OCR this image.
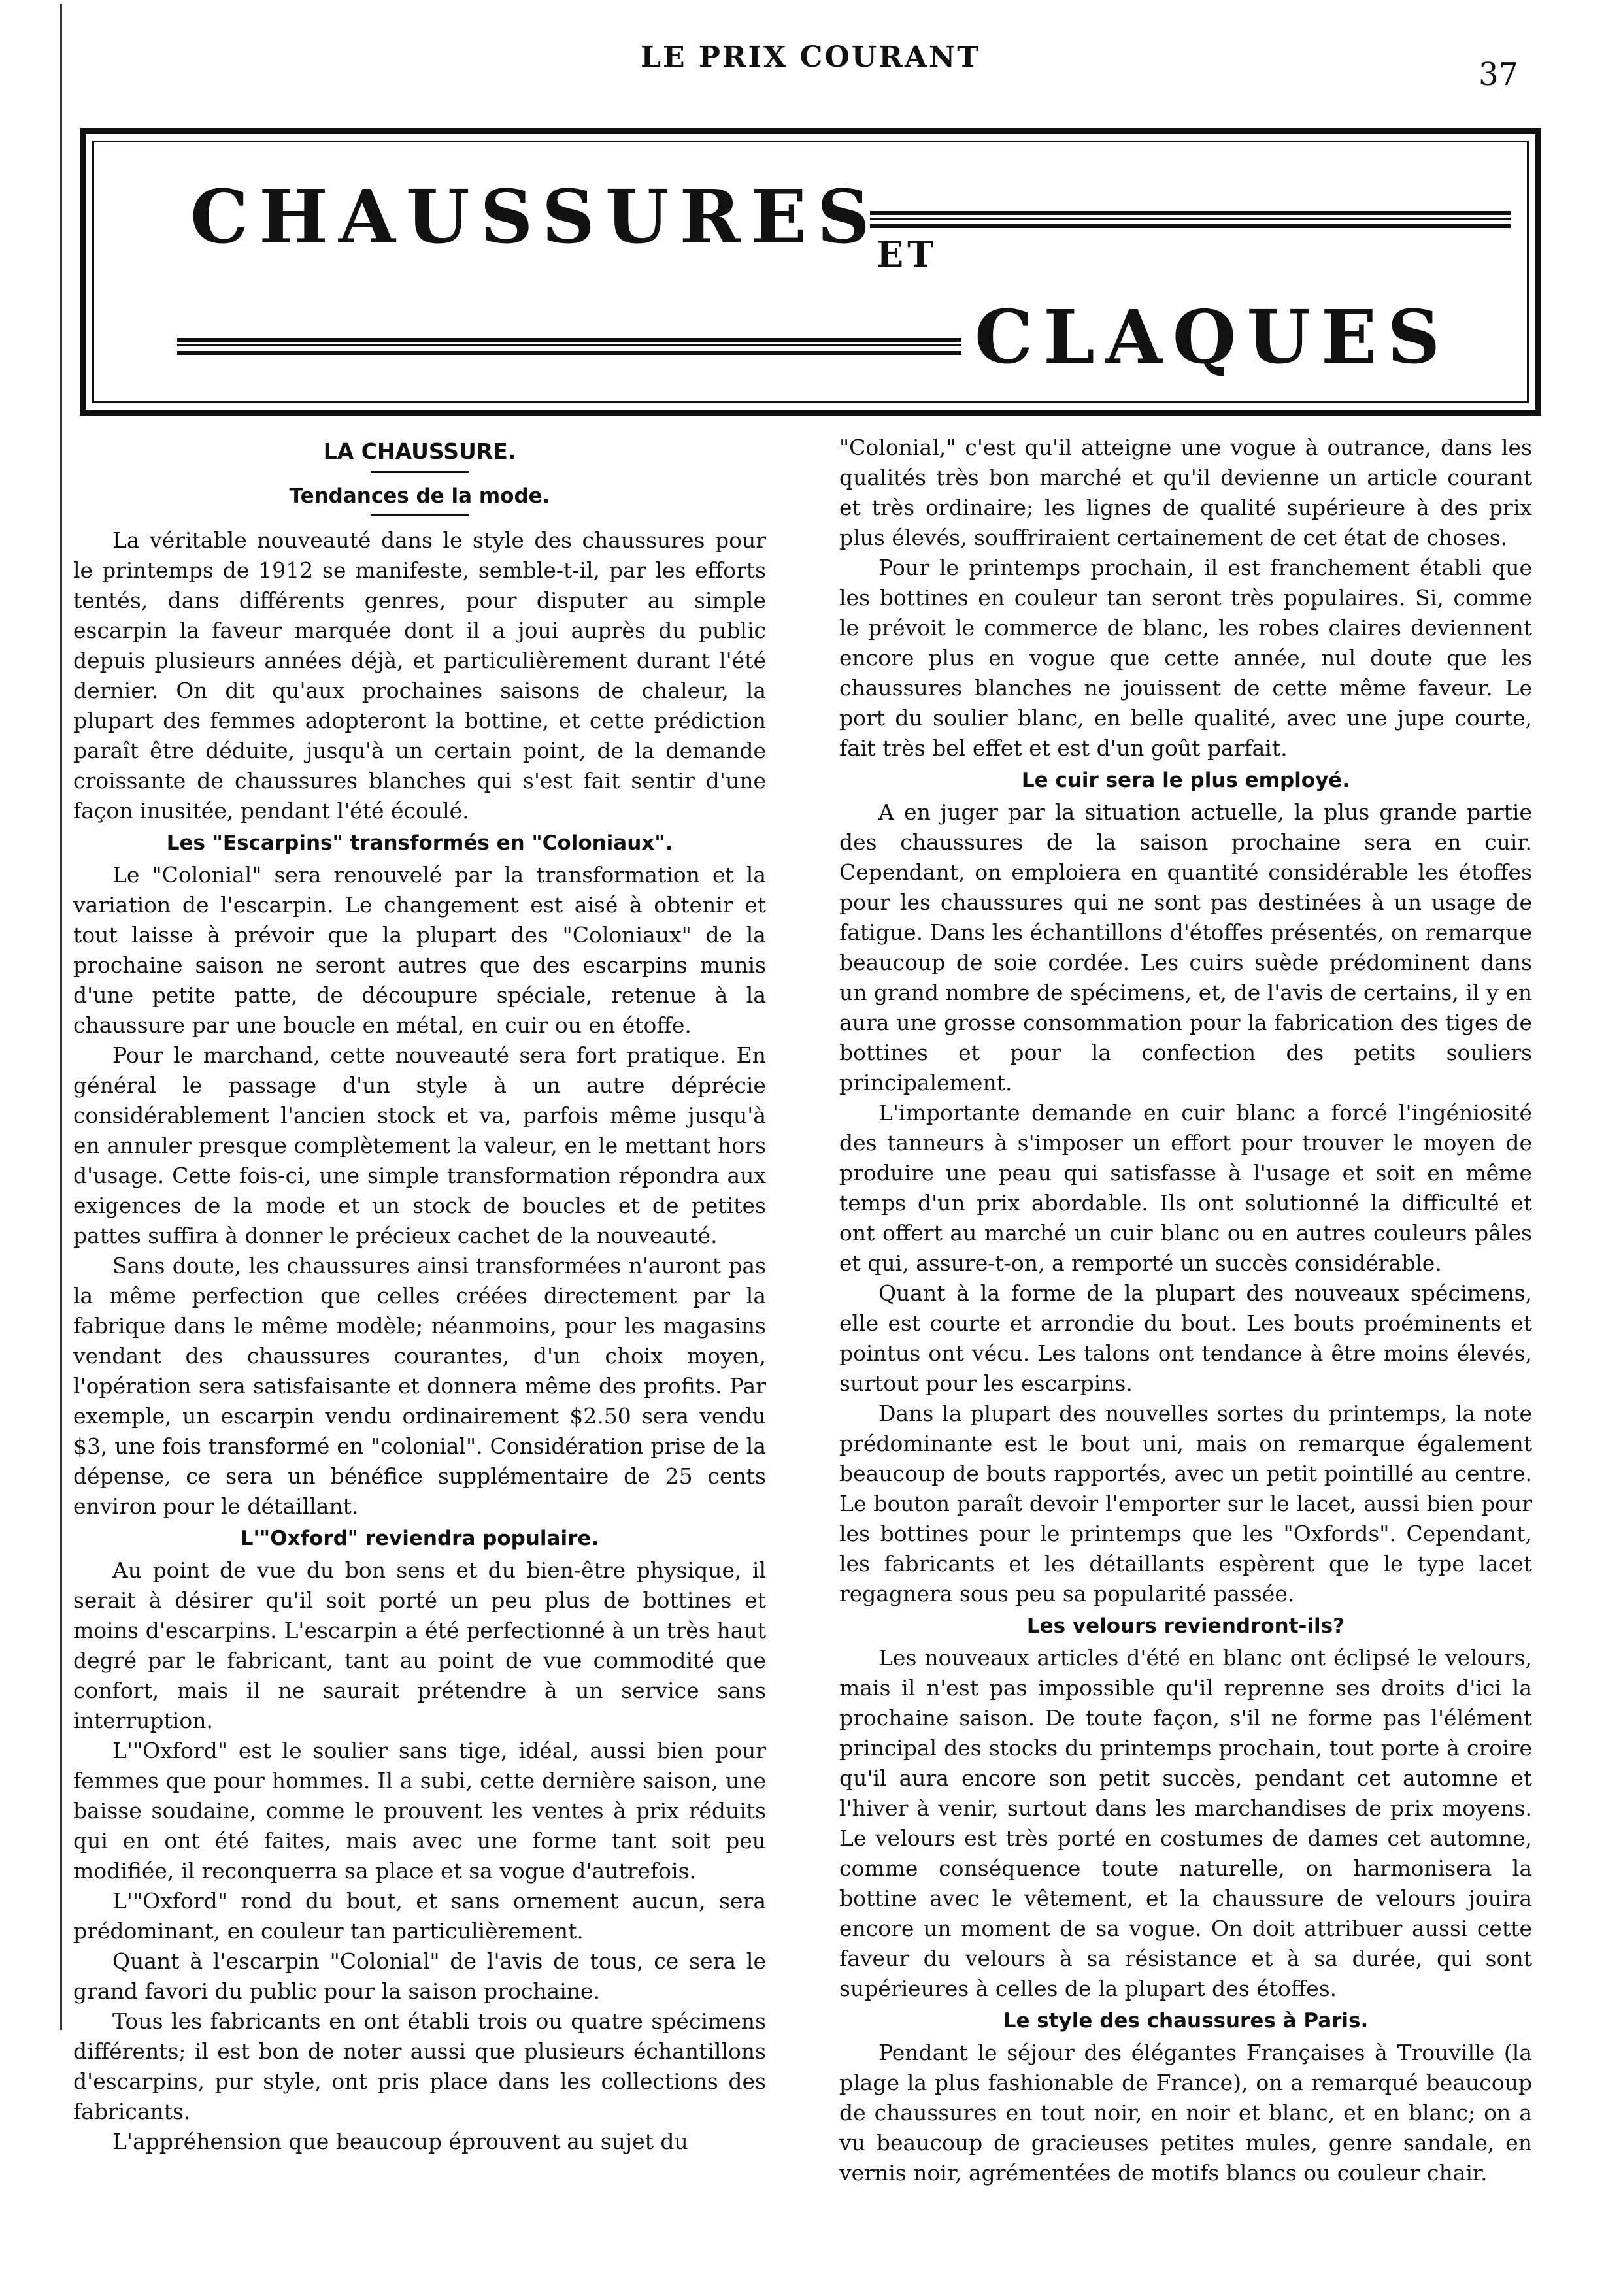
LE PRIX COURANT	37
CHAUSSURES
ET
CLAQUES
LA CHAUSSURE.
Tendances de la mode.

La véritable nouveauté dans le style des chaussures pour le printemps de 1912 se manifeste, semble-t-il, par les efforts tentés, dans différents genres, pour disputer au simple escarpin la faveur marquée dont il a joui auprès du public depuis plusieurs années déjà, et particulièrement durant l'été dernier. On dit qu'aux prochaines saisons de chaleur, la plupart des femmes adopteront la bottine, et cette prédiction paraît être déduite, jusqu'à un certain point, de la demande croissante de chaussures blanches qui s'est fait sentir d'une façon inusitée, pendant l'été écoulé.

Les "Escarpins" transformés en "Coloniaux".

Le "Colonial" sera renouvelé par la transformation et la variation de l'escarpin. Le changement est aisé à obtenir et tout laisse à prévoir que la plupart des "Coloniaux" de la prochaine saison ne seront autres que des escarpins munis d'une petite patte, de découpure spéciale, retenue à la chaussure par une boucle en métal, en cuir ou en étoffe.

Pour le marchand, cette nouveauté sera fort pratique. En général le passage d'un style à un autre déprécie considérablement l'ancien stock et va, parfois même jusqu'à en annuler presque complètement la valeur, en le mettant hors d'usage. Cette fois-ci, une simple transformation répondra aux exigences de la mode et un stock de boucles et de petites pattes suffira à donner le précieux cachet de la nouveauté.

Sans doute, les chaussures ainsi transformées n'auront pas la même perfection que celles créées directement par la fabrique dans le même modèle; néanmoins, pour les magasins vendant des chaussures courantes, d'un choix moyen, l'opération sera satisfaisante et donnera même des profits. Par exemple, un escarpin vendu ordinairement $2.50 sera vendu $3, une fois transformé en "colonial". Considération prise de la dépense, ce sera un bénéfice supplémentaire de 25 cents environ pour le détaillant.

L'"Oxford" reviendra populaire.

Au point de vue du bon sens et du bien-être physique, il serait à désirer qu'il soit porté un peu plus de bottines et moins d'escarpins. L'escarpin a été perfectionné à un très haut degré par le fabricant, tant au point de vue commodité que confort, mais il ne saurait prétendre à un service sans interruption.

L'"Oxford" est le soulier sans tige, idéal, aussi bien pour femmes que pour hommes. Il a subi, cette dernière saison, une baisse soudaine, comme le prouvent les ventes à prix réduits qui en ont été faites, mais avec une forme tant soit peu modifiée, il reconquerra sa place et sa vogue d'autrefois.

L'"Oxford" rond du bout, et sans ornement aucun, sera prédominant, en couleur tan particulièrement.

Quant à l'escarpin "Colonial" de l'avis de tous, ce sera le grand favori du public pour la saison prochaine.

Tous les fabricants en ont établi trois ou quatre spécimens différents; il est bon de noter aussi que plusieurs échantillons d'escarpins, pur style, ont pris place dans les collections des fabricants.

L'appréhension que beaucoup éprouvent au sujet du

"Colonial," c'est qu'il atteigne une vogue à outrance, dans les qualités très bon marché et qu'il devienne un article courant et très ordinaire; les lignes de qualité supérieure à des prix plus élevés, souffriraient certainement de cet état de choses.

Pour le printemps prochain, il est franchement établi que les bottines en couleur tan seront très populaires. Si, comme le prévoit le commerce de blanc, les robes claires deviennent encore plus en vogue que cette année, nul doute que les chaussures blanches ne jouissent de cette même faveur. Le port du soulier blanc, en belle qualité, avec une jupe courte, fait très bel effet et est d'un goût parfait.

Le cuir sera le plus employé.

A en juger par la situation actuelle, la plus grande partie des chaussures de la saison prochaine sera en cuir. Cependant, on emploiera en quantité considérable les étoffes pour les chaussures qui ne sont pas destinées à un usage de fatigue. Dans les échantillons d'étoffes présentés, on remarque beaucoup de soie cordée. Les cuirs suède prédominent dans un grand nombre de spécimens, et, de l'avis de certains, il y en aura une grosse consommation pour la fabrication des tiges de bottines et pour la confection des petits souliers principalement.

L'importante demande en cuir blanc a forcé l'ingéniosité des tanneurs à s'imposer un effort pour trouver le moyen de produire une peau qui satisfasse à l'usage et soit en même temps d'un prix abordable. Ils ont solutionné la difficulté et ont offert au marché un cuir blanc ou en autres couleurs pâles et qui, assure-t-on, a remporté un succès considérable.

Quant à la forme de la plupart des nouveaux spécimens, elle est courte et arrondie du bout. Les bouts proéminents et pointus ont vécu. Les talons ont tendance à être moins élevés, surtout pour les escarpins.

Dans la plupart des nouvelles sortes du printemps, la note prédominante est le bout uni, mais on remarque également beaucoup de bouts rapportés, avec un petit pointillé au centre. Le bouton paraît devoir l'emporter sur le lacet, aussi bien pour les bottines pour le printemps que les "Oxfords". Cependant, les fabricants et les détaillants espèrent que le type lacet regagnera sous peu sa popularité passée.

Les velours reviendront-ils?

Les nouveaux articles d'été en blanc ont éclipsé le velours, mais il n'est pas impossible qu'il reprenne ses droits d'ici la prochaine saison. De toute façon, s'il ne forme pas l'élément principal des stocks du printemps prochain, tout porte à croire qu'il aura encore son petit succès, pendant cet automne et l'hiver à venir, surtout dans les marchandises de prix moyens. Le velours est très porté en costumes de dames cet automne, comme conséquence toute naturelle, on harmonisera la bottine avec le vêtement, et la chaussure de velours jouira encore un moment de sa vogue. On doit attribuer aussi cette faveur du velours à sa résistance et à sa durée, qui sont supérieures à celles de la plupart des étoffes.

Le style des chaussures à Paris.

Pendant le séjour des élégantes Françaises à Trouville (la plage la plus fashionable de France), on a remarqué beaucoup de chaussures en tout noir, en noir et blanc, et en blanc; on a vu beaucoup de gracieuses petites mules, genre sandale, en vernis noir, agrémentées de motifs blancs ou couleur chair.
